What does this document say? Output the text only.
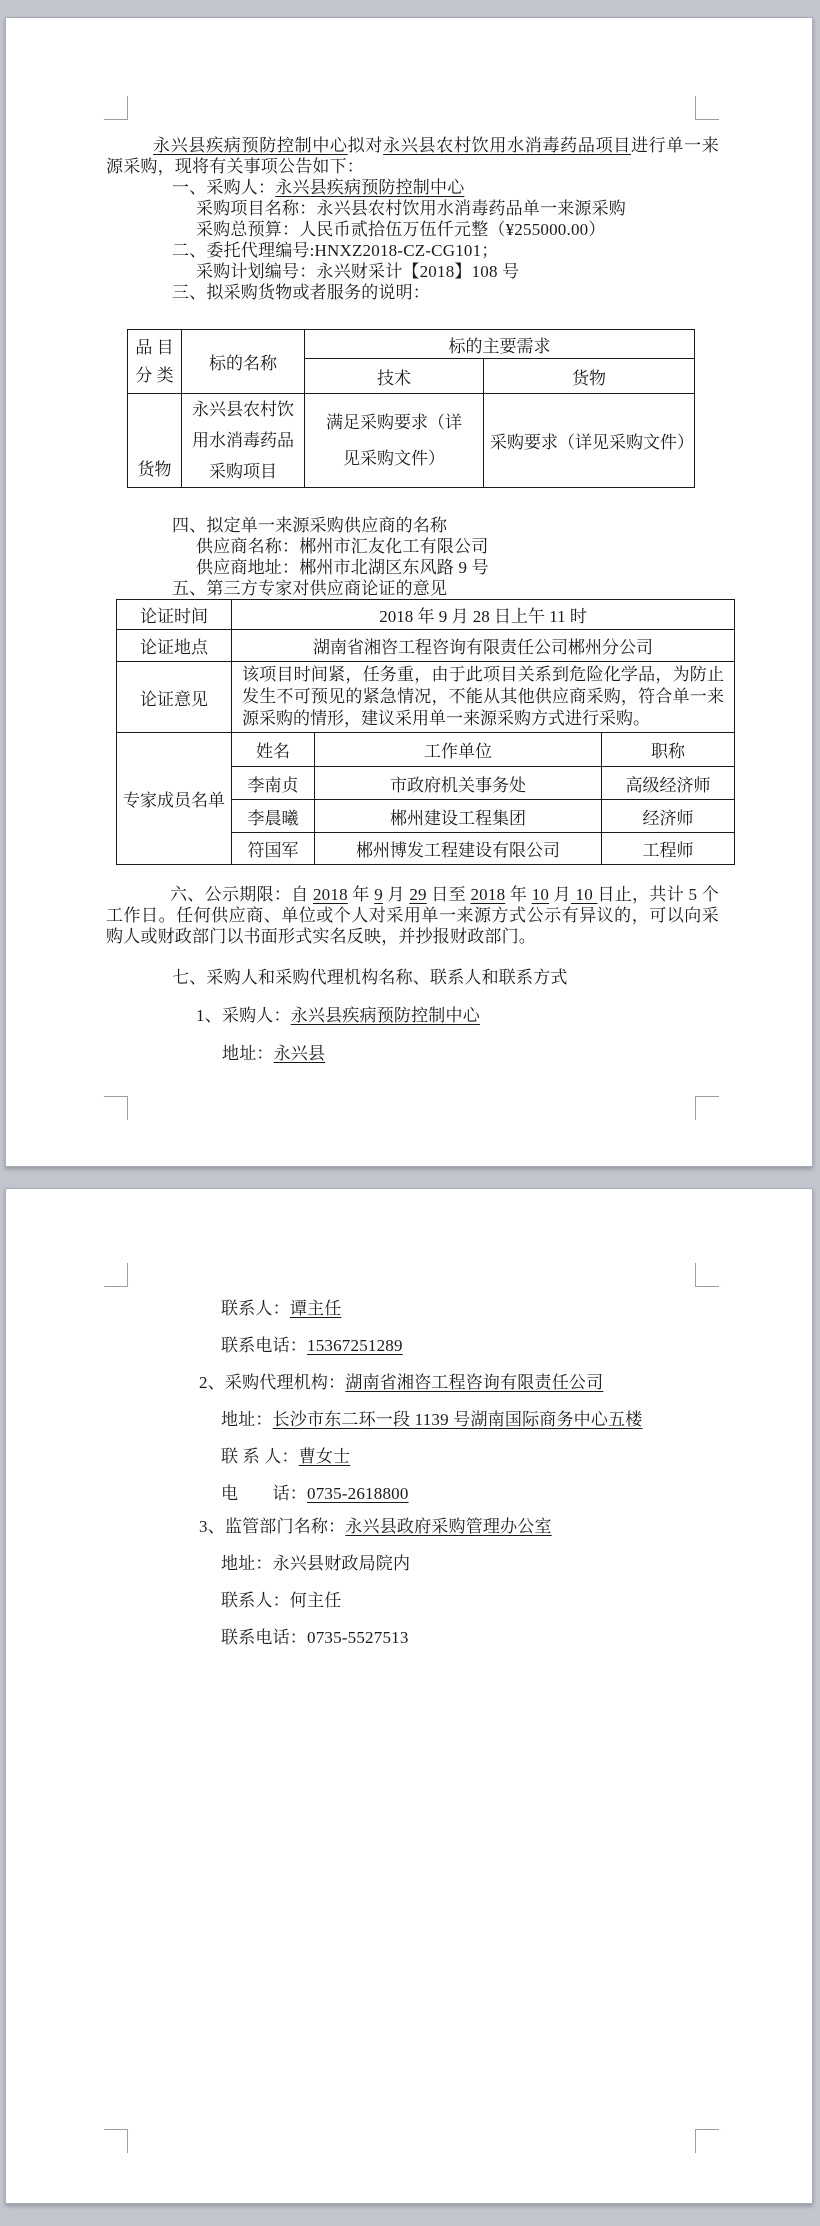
永兴县疾病预防控制中心拟对永兴县农村饮用水消毒药品项目进行单一来源采购，现将有关事项公告如下：
一、采购人：永兴县疾病预防控制中心
采购项目名称：永兴县农村饮用水消毒药品单一来源采购
采购总预算：人民币贰拾伍万伍仟元整（¥255000.00）
二、委托代理编号:HNXZ2018-CZ-CG101；
采购计划编号：永兴财采计【2018】108 号
三、拟采购货物或者服务的说明：
品 目
分 类	标的名称	标的主要需求	
		技术	货物
货物	永兴县农村饮用水消毒药品采购项目	满足采购要求（详见采购文件）	采购要求（详见采购文件）
四、拟定单一来源采购供应商的名称
供应商名称：郴州市汇友化工有限公司
供应商地址：郴州市北湖区东风路 9 号
五、第三方专家对供应商论证的意见
论证时间	2018 年 9 月 28 日上午 11 时		
论证地点	湖南省湘咨工程咨询有限责任公司郴州分公司		
论证意见	该项目时间紧，任务重，由于此项目关系到危险化学品，为防止发生不可预见的紧急情况，不能从其他供应商采购，符合单一来源采购的情形，建议采用单一来源采购方式进行采购。		
专家成员名单	姓名	工作单位	职称
	李南贞	市政府机关事务处	高级经济师
	李晨曦	郴州建设工程集团	经济师
	符国军	郴州博发工程建设有限公司	工程师
六、公示期限：自 2018 年 9 月 29 日至 2018 年 10 月 10 日止，共计 5 个工作日。任何供应商、单位或个人对采用单一来源方式公示有异议的，可以向采购人或财政部门以书面形式实名反映，并抄报财政部门。
七、采购人和采购代理机构名称、联系人和联系方式
1、采购人：永兴县疾病预防控制中心
地址：永兴县
联系人：谭主任
联系电话：15367251289
2、采购代理机构：湖南省湘咨工程咨询有限责任公司
地址：长沙市东二环一段 1139 号湖南国际商务中心五楼
联 系 人：曹女士
电　　话：0735-2618800
3、监管部门名称：永兴县政府采购管理办公室
地址：永兴县财政局院内
联系人：何主任
联系电话：0735-5527513
